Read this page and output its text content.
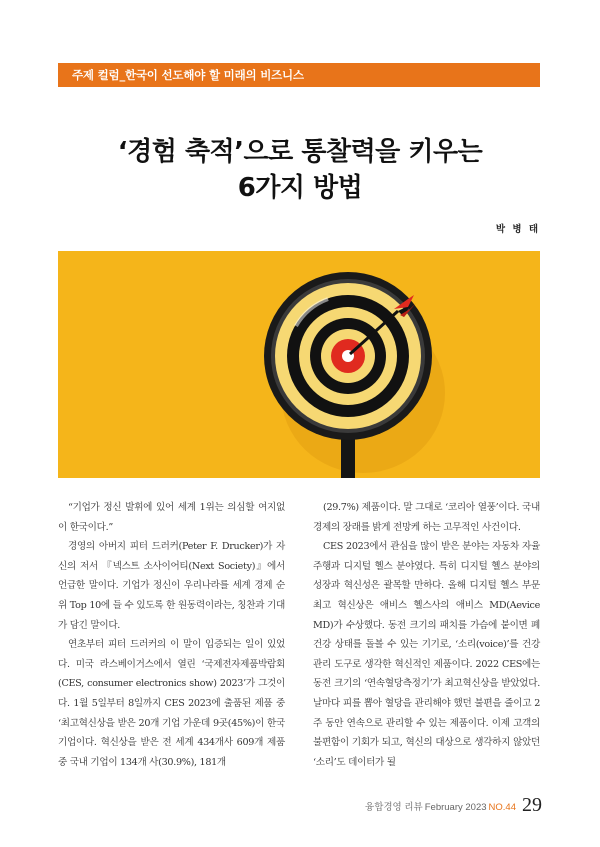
주제 컬럼_한국이 선도해야 할 미래의 비즈니스
‘경험 축적’으로 통찰력을 키우는
6가지 방법
박 병 태

“기업가 정신 발휘에 있어 세계 1위는 의심할 여지없이 한국이다.”

경영의 아버지 피터 드러커(Peter F. Drucker)가 자신의 저서 『넥스트 소사이어티(Next Society)』에서 언급한 말이다. 기업가 정신이 우리나라를 세계 경제 순위 Top 10에 들 수 있도록 한 원동력이라는, 칭찬과 기대가 담긴 말이다.

연초부터 피터 드러커의 이 말이 입증되는 일이 있었다. 미국 라스베이거스에서 열린 ‘국제전자제품박람회(CES, consumer electronics show) 2023’가 그것이다. 1월 5일부터 8일까지 CES 2023에 출품된 제품 중 ‘최고혁신상을 받은 20개 기업 가운데 9곳(45%)이 한국 기업이다. 혁신상을 받은 전 세계 434개사 609개 제품 중 국내 기업이 134개 사(30.9%), 181개

(29.7%) 제품이다. 말 그대로 ‘코리아 열풍’이다. 국내 경제의 장래를 밝게 전망케 하는 고무적인 사건이다.

CES 2023에서 관심을 많이 받은 분야는 자동차 자율주행과 디지털 헬스 분야였다. 특히 디지털 헬스 분야의 성장과 혁신성은 괄목할 만하다. 올해 디지털 헬스 부문 최고 혁신상은 애비스 헬스사의 애비스 MD(Aevice MD)가 수상했다. 동전 크기의 패치를 가슴에 붙이면 폐 건강 상태를 돌볼 수 있는 기기로, ‘소리(voice)’를 건강관리 도구로 생각한 혁신적인 제품이다. 2022 CES에는 동전 크기의 ‘연속혈당측정기’가 최고혁신상을 받았었다. 날마다 피를 뽑아 혈당을 관리해야 했던 불편을 줄이고 2주 동안 연속으로 관리할 수 있는 제품이다. 이제 고객의 불편함이 기회가 되고, 혁신의 대상으로 생각하지 않았던 ‘소리’도 데이터가 될

융합경영 리뷰 February 2023 NO.44 29
